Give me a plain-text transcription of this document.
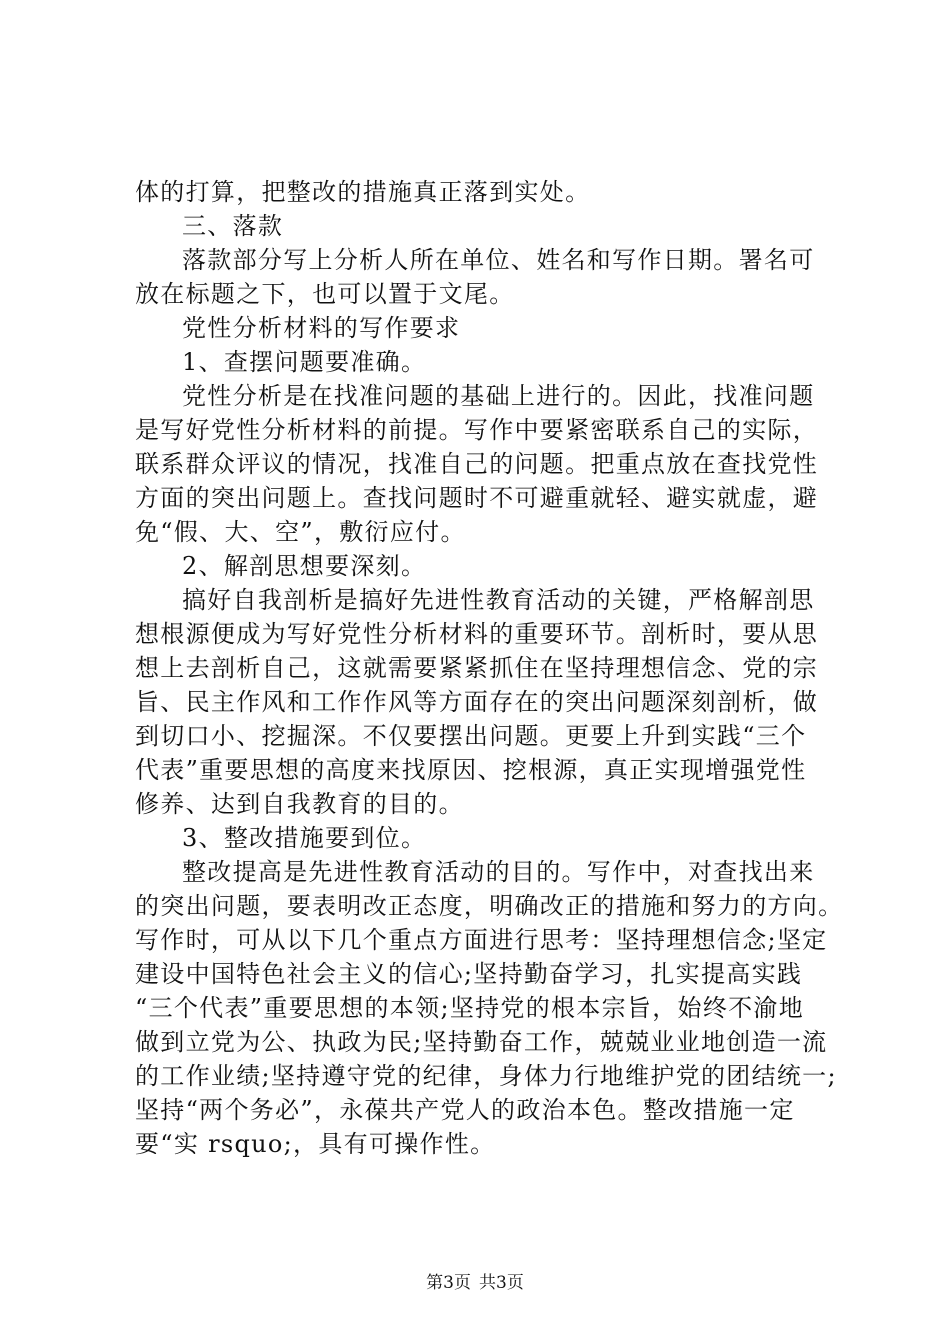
体的打算，把整改的措施真正落到实处。
三、落款
落款部分写上分析人所在单位、姓名和写作日期。署名可
放在标题之下，也可以置于文尾。
党性分析材料的写作要求
1、查摆问题要准确。
党性分析是在找准问题的基础上进行的。因此，找准问题
是写好党性分析材料的前提。写作中要紧密联系自己的实际，
联系群众评议的情况，找准自己的问题。把重点放在查找党性
方面的突出问题上。查找问题时不可避重就轻、避实就虚，避
免“假、大、空”，敷衍应付。
2、解剖思想要深刻。
搞好自我剖析是搞好先进性教育活动的关键，严格解剖思
想根源便成为写好党性分析材料的重要环节。剖析时，要从思
想上去剖析自己，这就需要紧紧抓住在坚持理想信念、党的宗
旨、民主作风和工作作风等方面存在的突出问题深刻剖析，做
到切口小、挖掘深。不仅要摆出问题。更要上升到实践“三个
代表”重要思想的高度来找原因、挖根源，真正实现增强党性
修养、达到自我教育的目的。
3、整改措施要到位。
整改提高是先进性教育活动的目的。写作中，对查找出来
的突出问题，要表明改正态度，明确改正的措施和努力的方向。
写作时，可从以下几个重点方面进行思考：坚持理想信念;坚定
建设中国特色社会主义的信心;坚持勤奋学习，扎实提高实践
“三个代表”重要思想的本领;坚持党的根本宗旨，始终不渝地
做到立党为公、执政为民;坚持勤奋工作，兢兢业业地创造一流
的工作业绩;坚持遵守党的纪律，身体力行地维护党的团结统一;
坚持“两个务必”，永葆共产党人的政治本色。整改措施一定
要“实 rsquo;，具有可操作性。
第3页 共3页
